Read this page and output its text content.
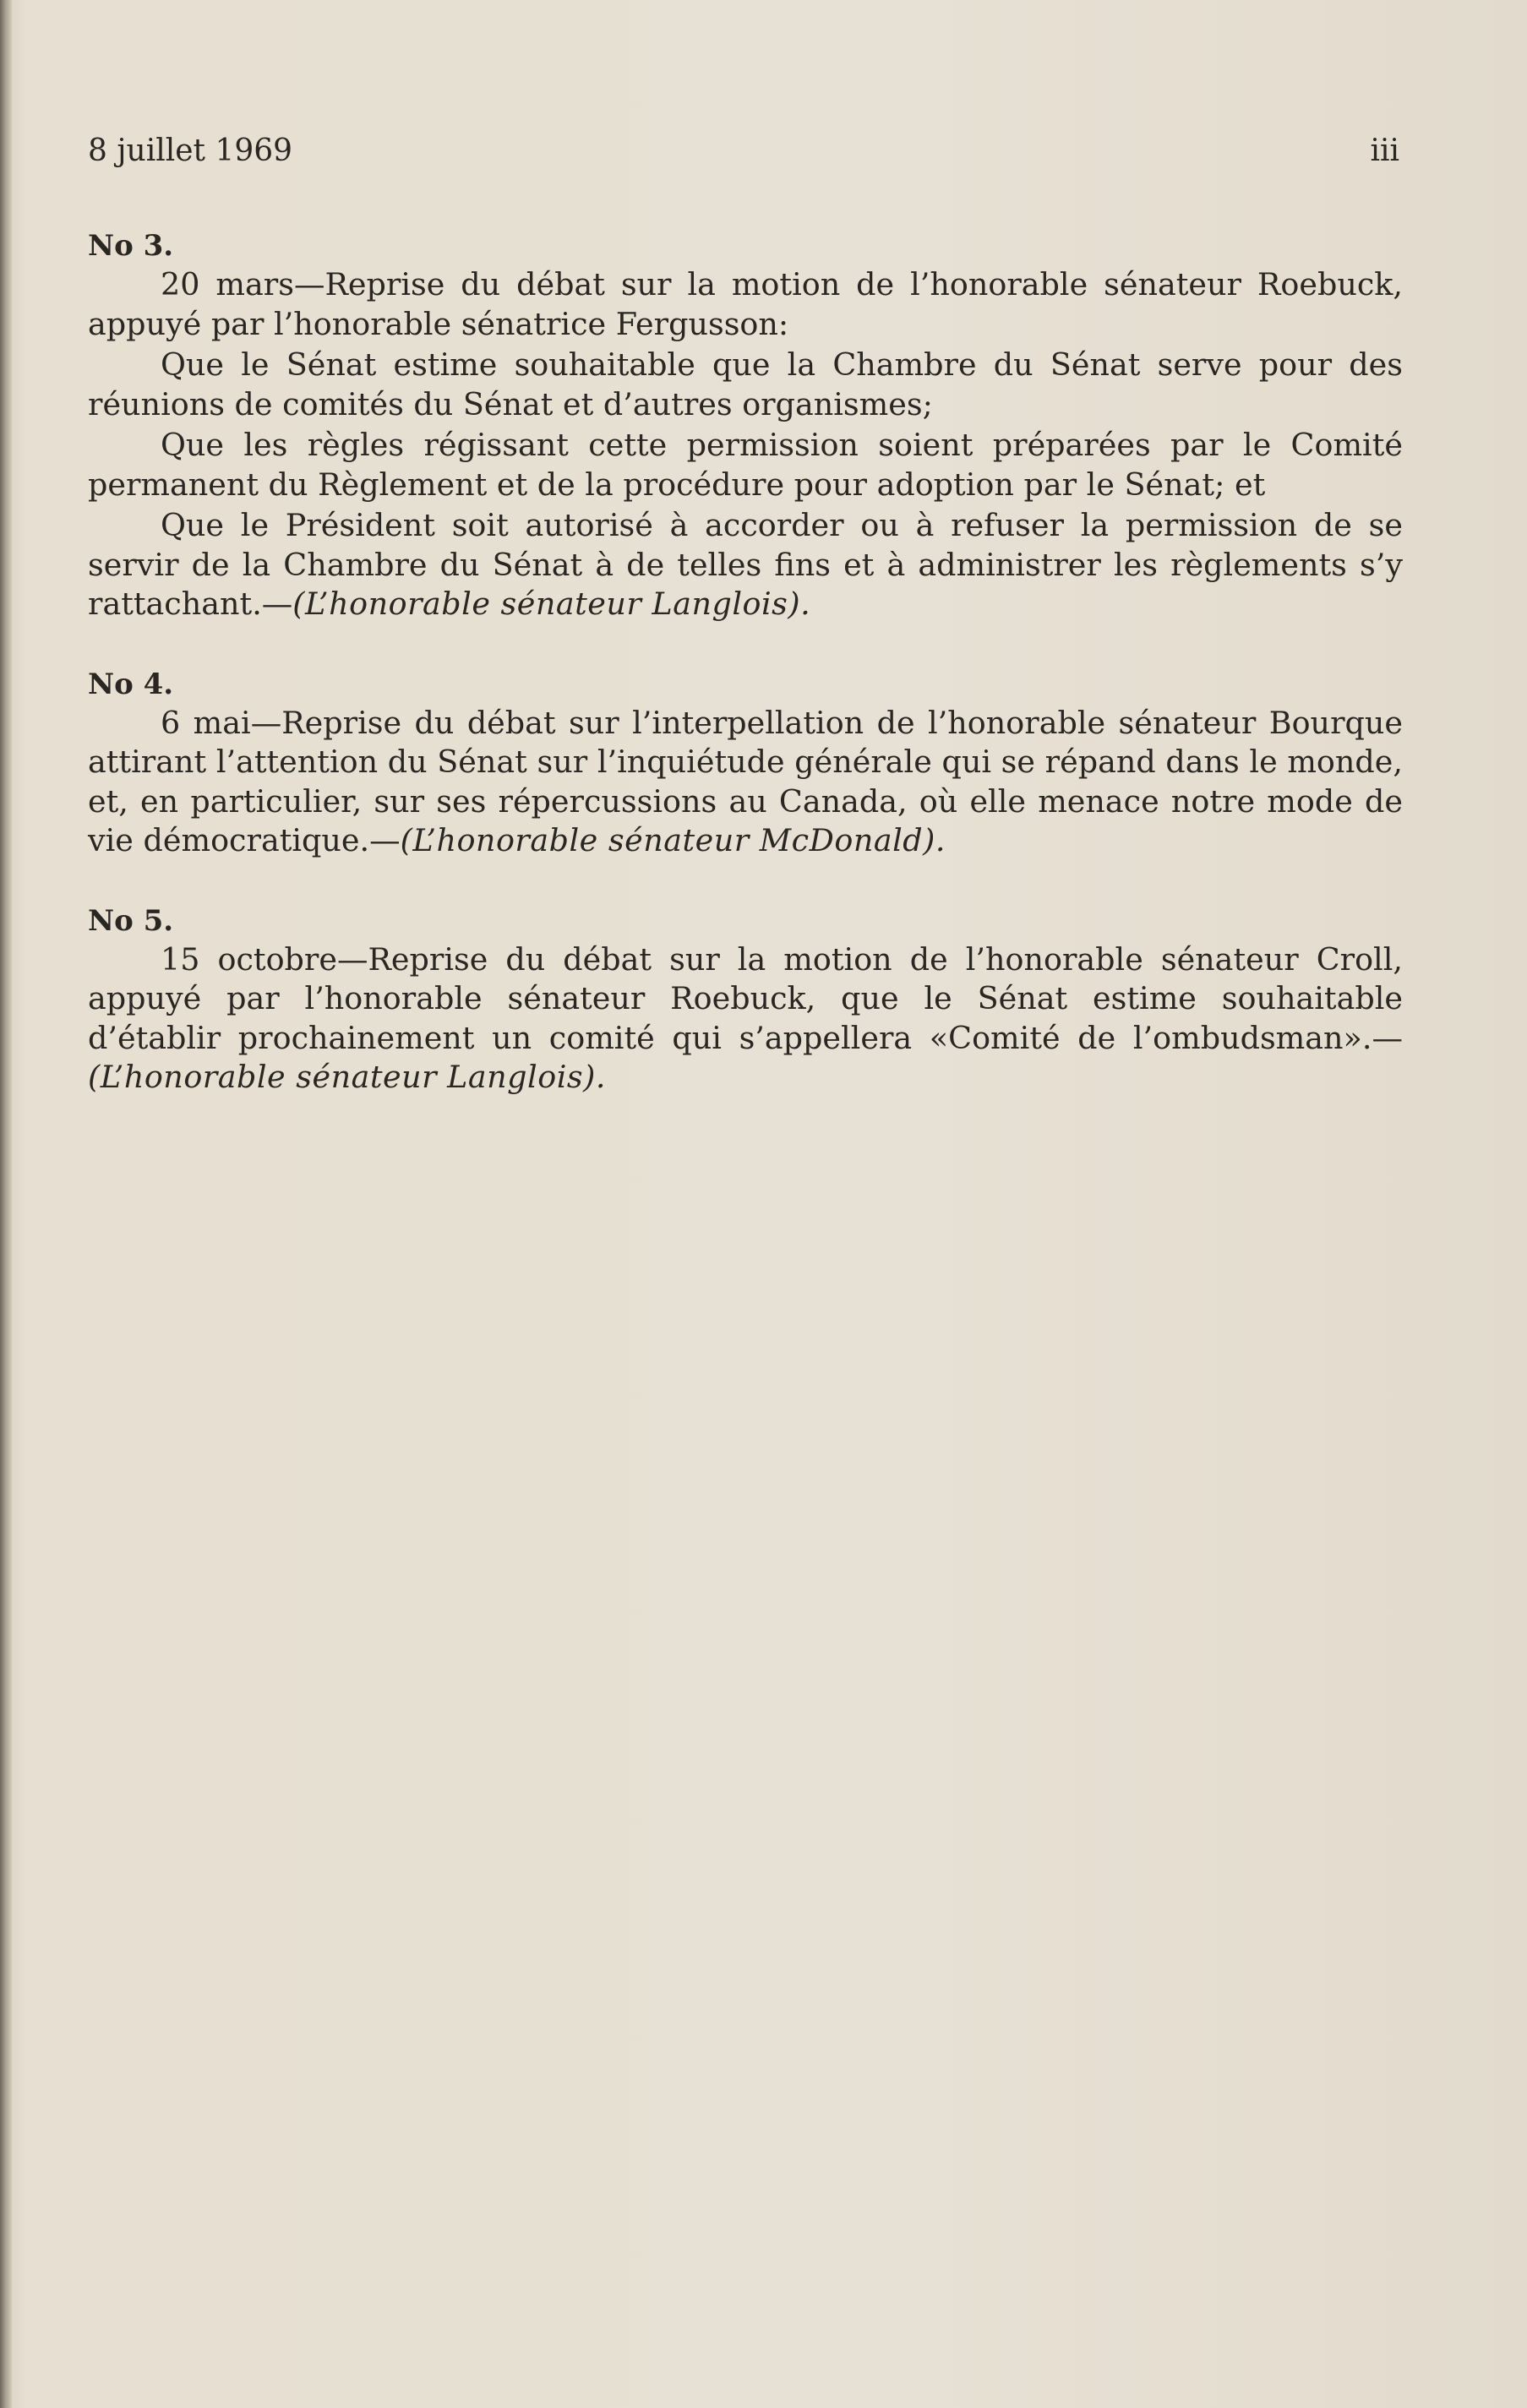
8 juillet 1969	iii
No 3.

20 mars—Reprise du débat sur la motion de l’honorable sénateur Roebuck, appuyé par l’honorable sénatrice Fergusson:

Que le Sénat estime souhaitable que la Chambre du Sénat serve pour des réunions de comités du Sénat et d’autres organismes;

Que les règles régissant cette permission soient préparées par le Comité permanent du Règlement et de la procédure pour adoption par le Sénat; et

Que le Président soit autorisé à accorder ou à refuser la permission de se servir de la Chambre du Sénat à de telles fins et à administrer les règlements s’y rattachant.—(L’honorable sénateur Langlois).

No 4.

6 mai—Reprise du débat sur l’interpellation de l’honorable sénateur Bourque attirant l’attention du Sénat sur l’inquiétude générale qui se répand dans le monde, et, en particulier, sur ses répercussions au Canada, où elle menace notre mode de vie démocratique.—(L’honorable sénateur McDonald).

No 5.

15 octobre—Reprise du débat sur la motion de l’honorable sénateur Croll, appuyé par l’honorable sénateur Roebuck, que le Sénat estime souhaitable d’établir prochainement un comité qui s’appellera «Comité de l’ombudsman».—(L’honorable sénateur Langlois).
